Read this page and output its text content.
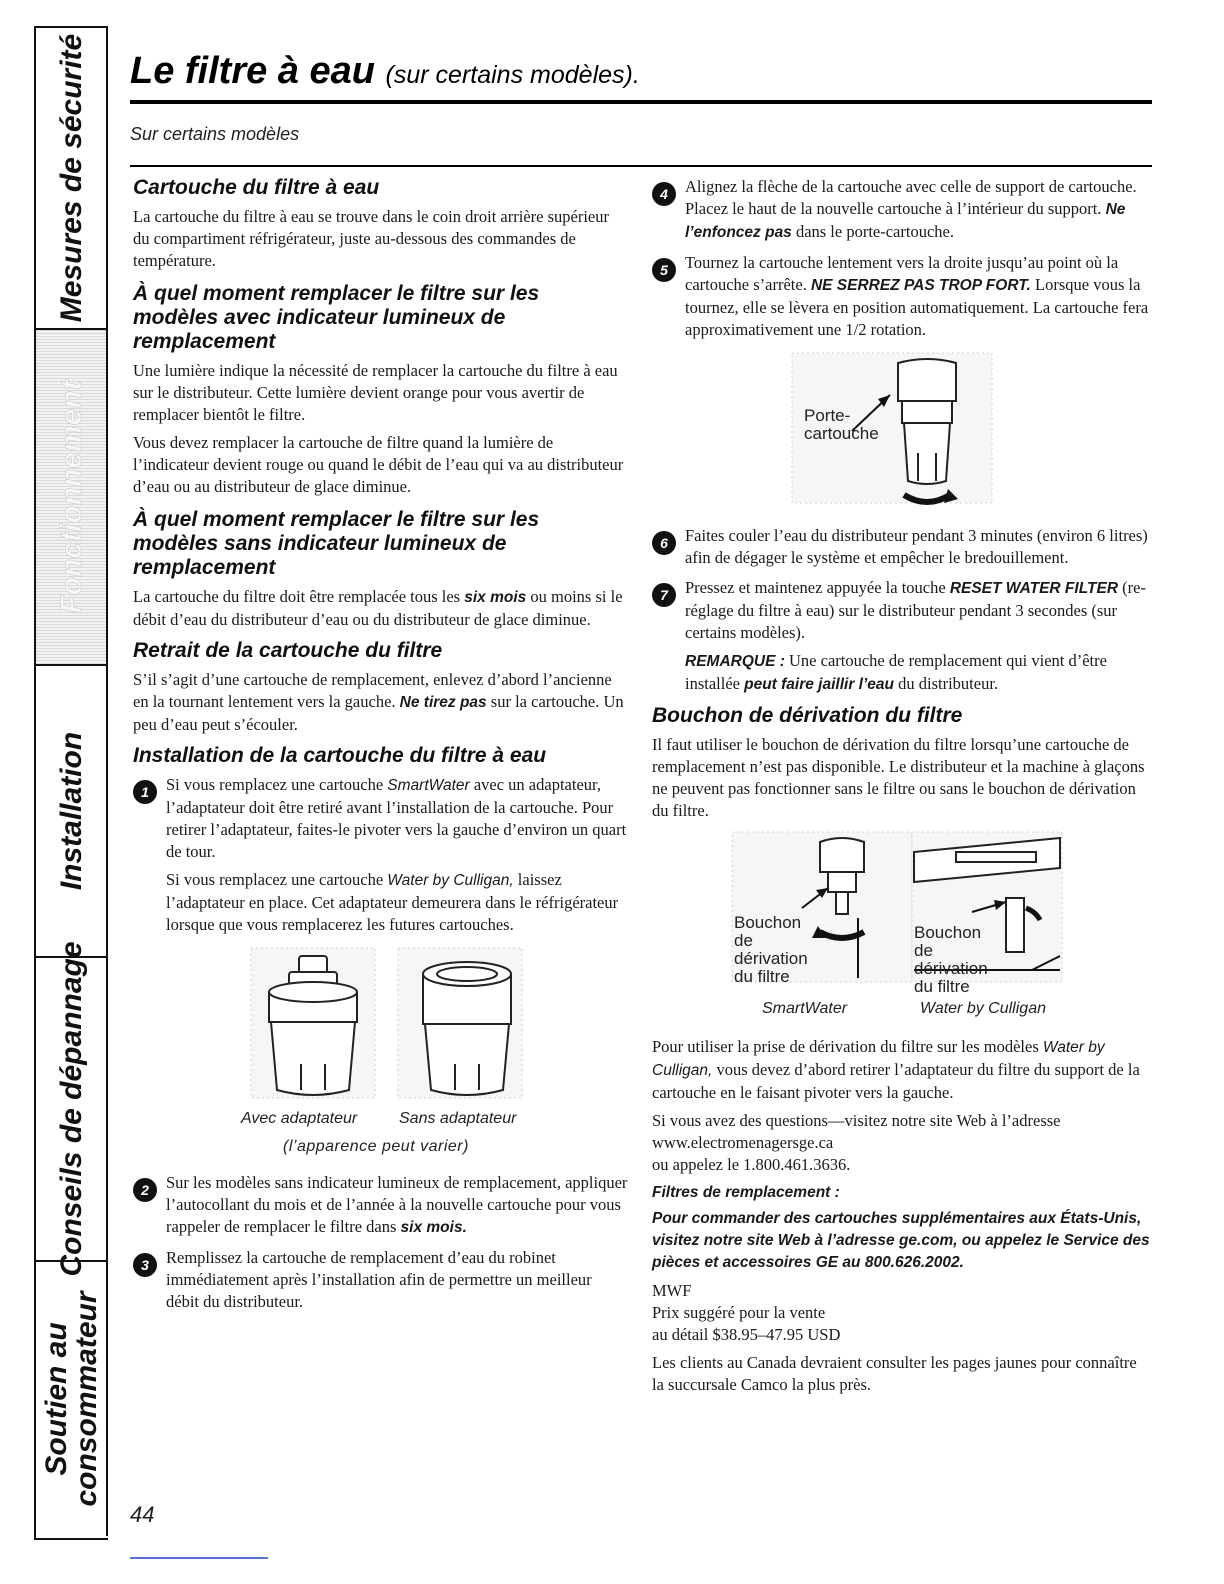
Mesures de sécurité
Fonctionnement
Installation
Conseils de dépannage
Soutien au
consommateur
Le filtre à eau (sur certains modèles).
Sur certains modèles
Cartouche du filtre à eau

La cartouche du filtre à eau se trouve dans le coin droit arrière supérieur du compartiment réfrigérateur, juste au-dessous des commandes de température.

À quel moment remplacer le filtre sur les modèles avec indicateur lumineux de remplacement

Une lumière indique la nécessité de remplacer la cartouche du filtre à eau sur le distributeur. Cette lumière devient orange pour vous avertir de remplacer bientôt le filtre.

Vous devez remplacer la cartouche de filtre quand la lumière de l’indicateur devient rouge ou quand le débit de l’eau qui va au distributeur d’eau ou au distributeur de glace diminue.

À quel moment remplacer le filtre sur les modèles sans indicateur lumineux de remplacement

La cartouche du filtre doit être remplacée tous les six mois ou moins si le débit d’eau du distributeur d’eau ou du distributeur de glace diminue.

Retrait de la cartouche du filtre

S’il s’agit d’une cartouche de remplacement, enlevez d’abord l’ancienne en la tournant lentement vers la gauche. Ne tirez pas sur la cartouche. Un peu d’eau peut s’écouler.

Installation de la cartouche du filtre à eau
1	Si vous remplacez une cartouche SmartWater avec un adaptateur, l’adaptateur doit être retiré avant l’installation de la cartouche. Pour retirer l’adaptateur, faites-le pivoter vers la gauche d’environ un quart de tour.

Si vous remplacez une cartouche Water by Culligan, laissez l’adaptateur en place. Cet adaptateur demeurera dans le réfrigérateur lorsque que vous remplacerez les futures cartouches.

Avec adaptateur	Sans adaptateur
(l’apparence peut varier)
2	Sur les modèles sans indicateur lumineux de remplacement, appliquer l’autocollant du mois et de l’année à la nouvelle cartouche pour vous rappeler de remplacer le filtre dans six mois.

3	Remplissez la cartouche de remplacement d’eau du robinet immédiatement après l’installation afin de permettre un meilleur débit du distributeur.

44
4	Alignez la flèche de la cartouche avec celle de support de cartouche. Placez le haut de la nouvelle cartouche à l’intérieur du support. Ne l’enfoncez pas dans le porte-cartouche.

5	Tournez la cartouche lentement vers la droite jusqu’au point où la cartouche s’arrête. NE SERREZ PAS TROP FORT. Lorsque vous la tournez, elle se lèvera en position automatiquement. La cartouche fera approximativement une 1/2 rotation.

Porte-
cartouche
6	Faites couler l’eau du distributeur pendant 3 minutes (environ 6 litres) afin de dégager le système et empêcher le bredouillement.

7	Pressez et maintenez appuyée la touche RESET WATER FILTER (re-réglage du filtre à eau) sur le distributeur pendant 3 secondes (sur certains modèles).

REMARQUE : Une cartouche de remplacement qui vient d’être installée peut faire jaillir l’eau du distributeur.

Bouchon de dérivation du filtre

Il faut utiliser le bouchon de dérivation du filtre lorsqu’une cartouche de remplacement n’est pas disponible. Le distributeur et la machine à glaçons ne peuvent pas fonctionner sans le filtre ou sans le bouchon de dérivation du filtre.

Bouchon
de
dérivation
du filtre
Bouchon
de
dérivation
du filtre
SmartWater	Water by Culligan

Pour utiliser la prise de dérivation du filtre sur les modèles Water by Culligan, vous devez d’abord retirer l’adaptateur du filtre du support de la cartouche en le faisant pivoter vers la gauche.

Si vous avez des questions—visitez notre site Web à l’adresse
www.electromenagersge.ca
ou appelez le 1.800.461.3636.

Filtres de remplacement :

Pour commander des cartouches supplémentaires aux États-Unis, visitez notre site Web à l’adresse ge.com, ou appelez le Service des pièces et accessoires GE au 800.626.2002.

MWF
Prix suggéré pour la vente
au détail $38.95–47.95 USD

Les clients au Canada devraient consulter les pages jaunes pour connaître la succursale Camco la plus près.
